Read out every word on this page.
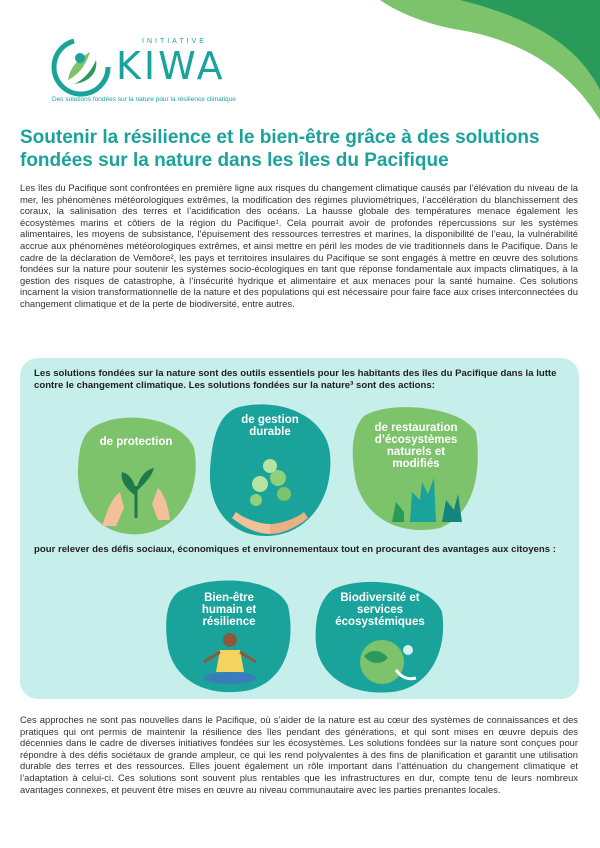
INITIATIVE
KIWA
Des solutions fondées sur la nature pour la résilience climatique
Soutenir la résilience et le bien-être grâce à des solutions fondées sur la nature dans les îles du Pacifique

Les îles du Pacifique sont confrontées en première ligne aux risques du changement climatique causés par l’élévation du niveau de la mer, les phénomènes météorologiques extrêmes, la modification des régimes pluviométriques, l’accélération du blanchissement des coraux, la salinisation des terres et l’acidification des océans. La hausse globale des températures menace également les écosystèmes marins et côtiers de la région du Pacifique¹. Cela pourrait avoir de profondes répercussions sur les systèmes alimentaires, les moyens de subsistance, l’épuisement des ressources terrestres et marines, la disponibilité de l’eau, la vulnérabilité accrue aux phénomènes météorologiques extrêmes, et ainsi mettre en péril les modes de vie traditionnels dans le Pacifique. Dans le cadre de la déclaration de Vemõore², les pays et territoires insulaires du Pacifique se sont engagés à mettre en œuvre des solutions fondées sur la nature pour soutenir les systèmes socio-écologiques en tant que réponse fondamentale aux impacts climatiques, à la gestion des risques de catastrophe, à l’insécurité hydrique et alimentaire et aux menaces pour la santé humaine. Ces solutions incarnent la vision transformationnelle de la nature et des populations qui est nécessaire pour faire face aux crises interconnectées du changement climatique et de la perte de biodiversité, entre autres.

Les solutions fondées sur la nature sont des outils essentiels pour les habitants des îles du Pacifique dans la lutte contre le changement climatique. Les solutions fondées sur la nature³ sont des actions:

de protection
de gestion durable	de restauration d’écosystèmes naturels et modifiés

pour relever des défis sociaux, économiques et environnementaux tout en procurant des avantages aux citoyens :

Bien-être humain et résilience
Biodiversité et services écosystémiques

Ces approches ne sont pas nouvelles dans le Pacifique, où s’aider de la nature est au cœur des systèmes de connaissances et des pratiques qui ont permis de maintenir la résilience des îles pendant des générations, et qui sont mises en œuvre depuis des décennies dans le cadre de diverses initiatives fondées sur les écosystèmes. Les solutions fondées sur la nature sont conçues pour répondre à des défis sociétaux de grande ampleur, ce qui les rend polyvalentes à des fins de planification et garantit une utilisation durable des terres et des ressources. Elles jouent également un rôle important dans l’atténuation du changement climatique et l’adaptation à celui-ci. Ces solutions sont souvent plus rentables que les infrastructures en dur, compte tenu de leurs nombreux avantages connexes, et peuvent être mises en œuvre au niveau communautaire avec les parties prenantes locales.
